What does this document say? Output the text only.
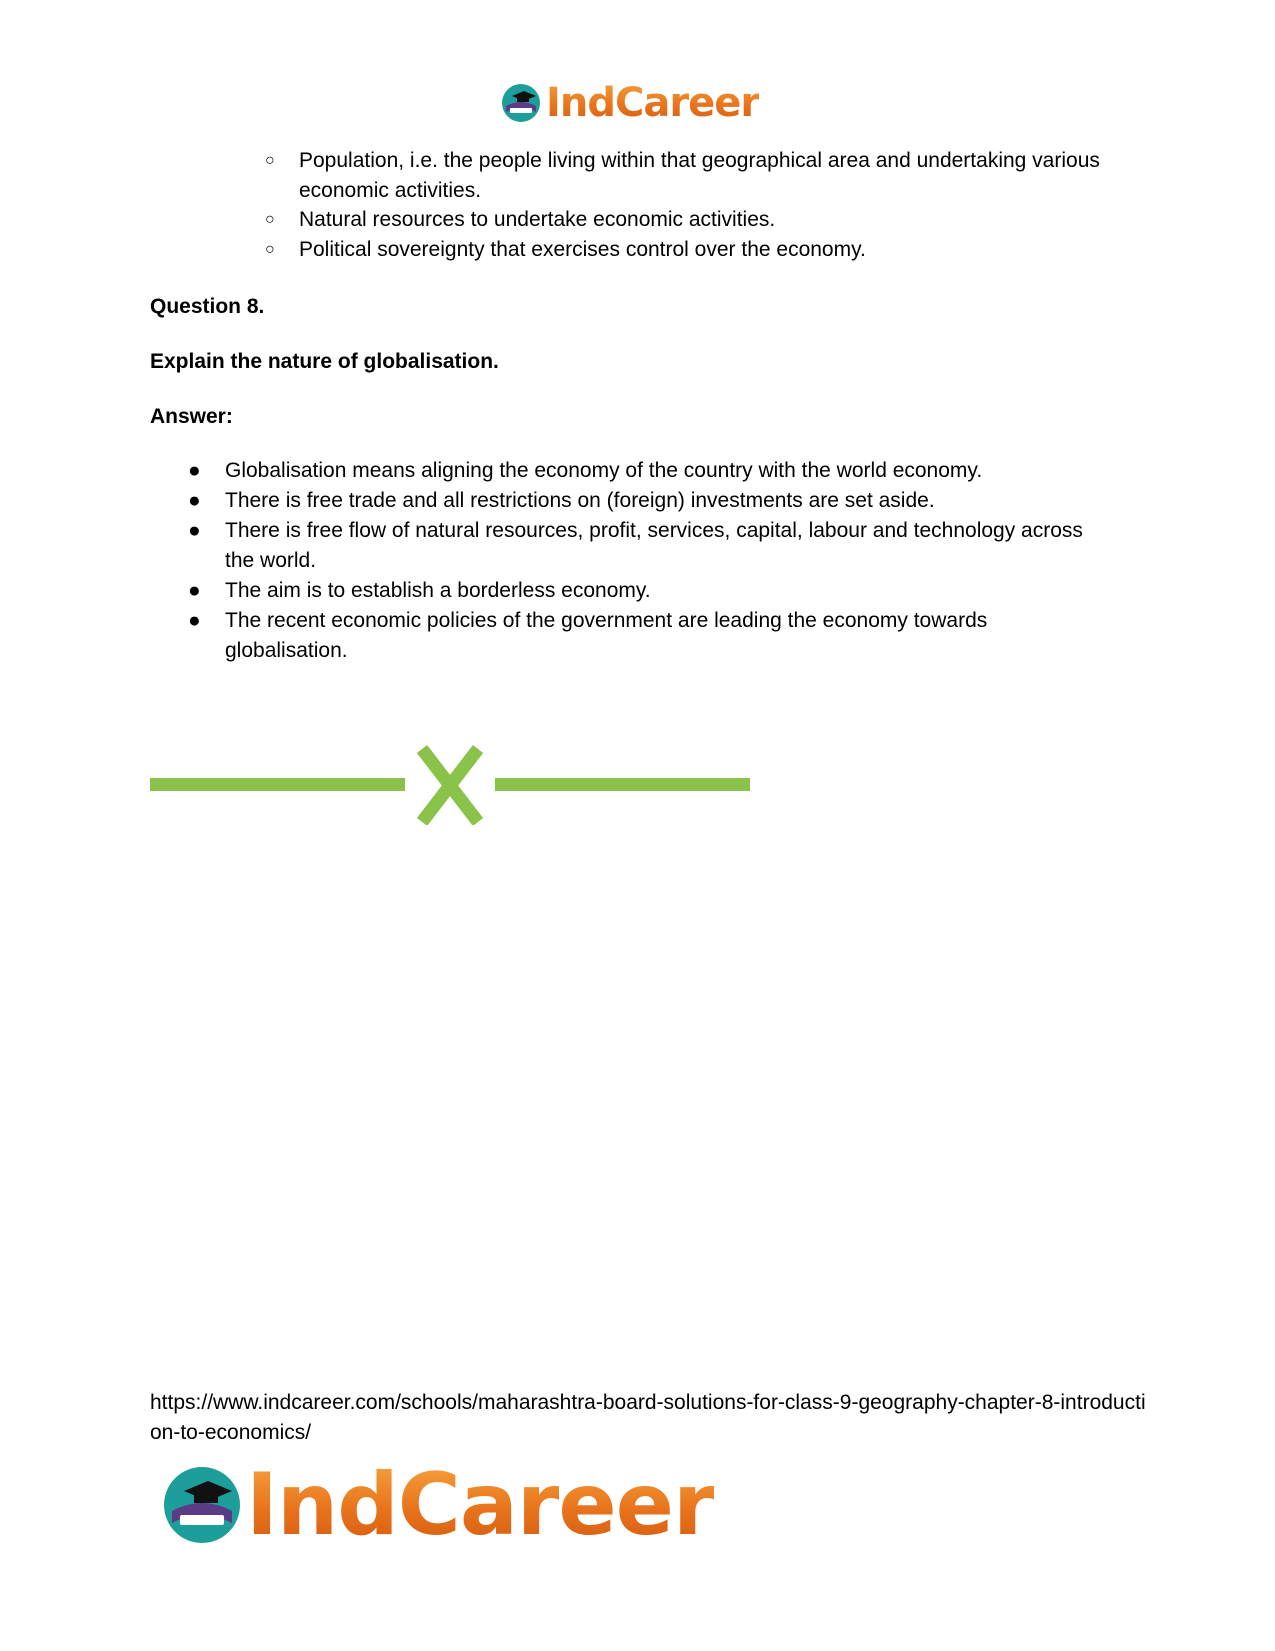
IndCareer
○ Population, i.e. the people living within that geographical area and undertaking various economic activities.
○ Natural resources to undertake economic activities.
○ Political sovereignty that exercises control over the economy.
Question 8.
Explain the nature of globalisation.
Answer:
● Globalisation means aligning the economy of the country with the world economy.
● There is free trade and all restrictions on (foreign) investments are set aside.
● There is free flow of natural resources, profit, services, capital, labour and technology across the world.
● The aim is to establish a borderless economy.
● The recent economic policies of the government are leading the economy towards globalisation.
https://www.indcareer.com/schools/maharashtra-board-solutions-for-class-9-geography-chapter-8-introduction-to-economics/
IndCareer
